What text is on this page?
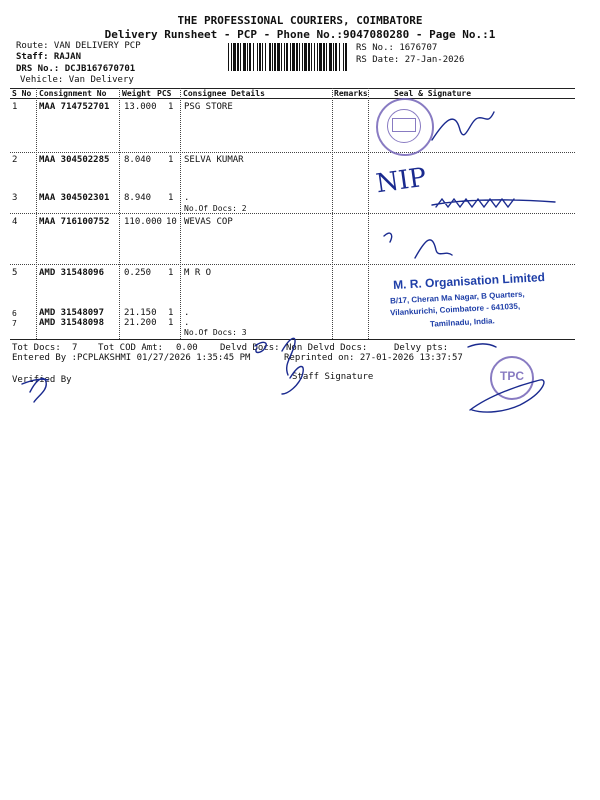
THE PROFESSIONAL COURIERS, COIMBATORE
Delivery Runsheet - PCP - Phone No.:9047080280 - Page No.:1
Route: VAN DELIVERY PCP
Staff: RAJAN
DRS No.: DCJB167670701
Vehicle: Van Delivery
RS No.: 1676707
RS Date: 27-Jan-2026
S No Consignment No Weight PCS Consignee Details	Remarks	Seal & Signature
1 MAA 714752701 13.000 1 PSG STORE
2 MAA 304502285 8.040 1 SELVA KUMAR
3 MAA 304502301 8.940 1 .
No.Of Docs: 2
4 MAA 716100752 110.000 10 WEVAS COP
5 AMD 31548096 0.250 1 M R O
6 AMD 31548097 21.150 1 .
7 AMD 31548098 21.200 1 .
No.Of Docs: 3
Tot Docs: 7 Tot COD Amt: 0.00 Delvd Docs: Non Delvd Docs:	Delvy pts:
Entered By :PCPLAKSHMI 01/27/2026 1:35:45 PM	Reprinted on: 27-01-2026 13:37:57
Verified By	Staff Signature
NIP
M. R. Organisation Limited
B/17, Cheran Ma Nagar, B Quarters,
Vilankurichi, Coimbatore - 641035,
Tamilnadu, India.
TPC
